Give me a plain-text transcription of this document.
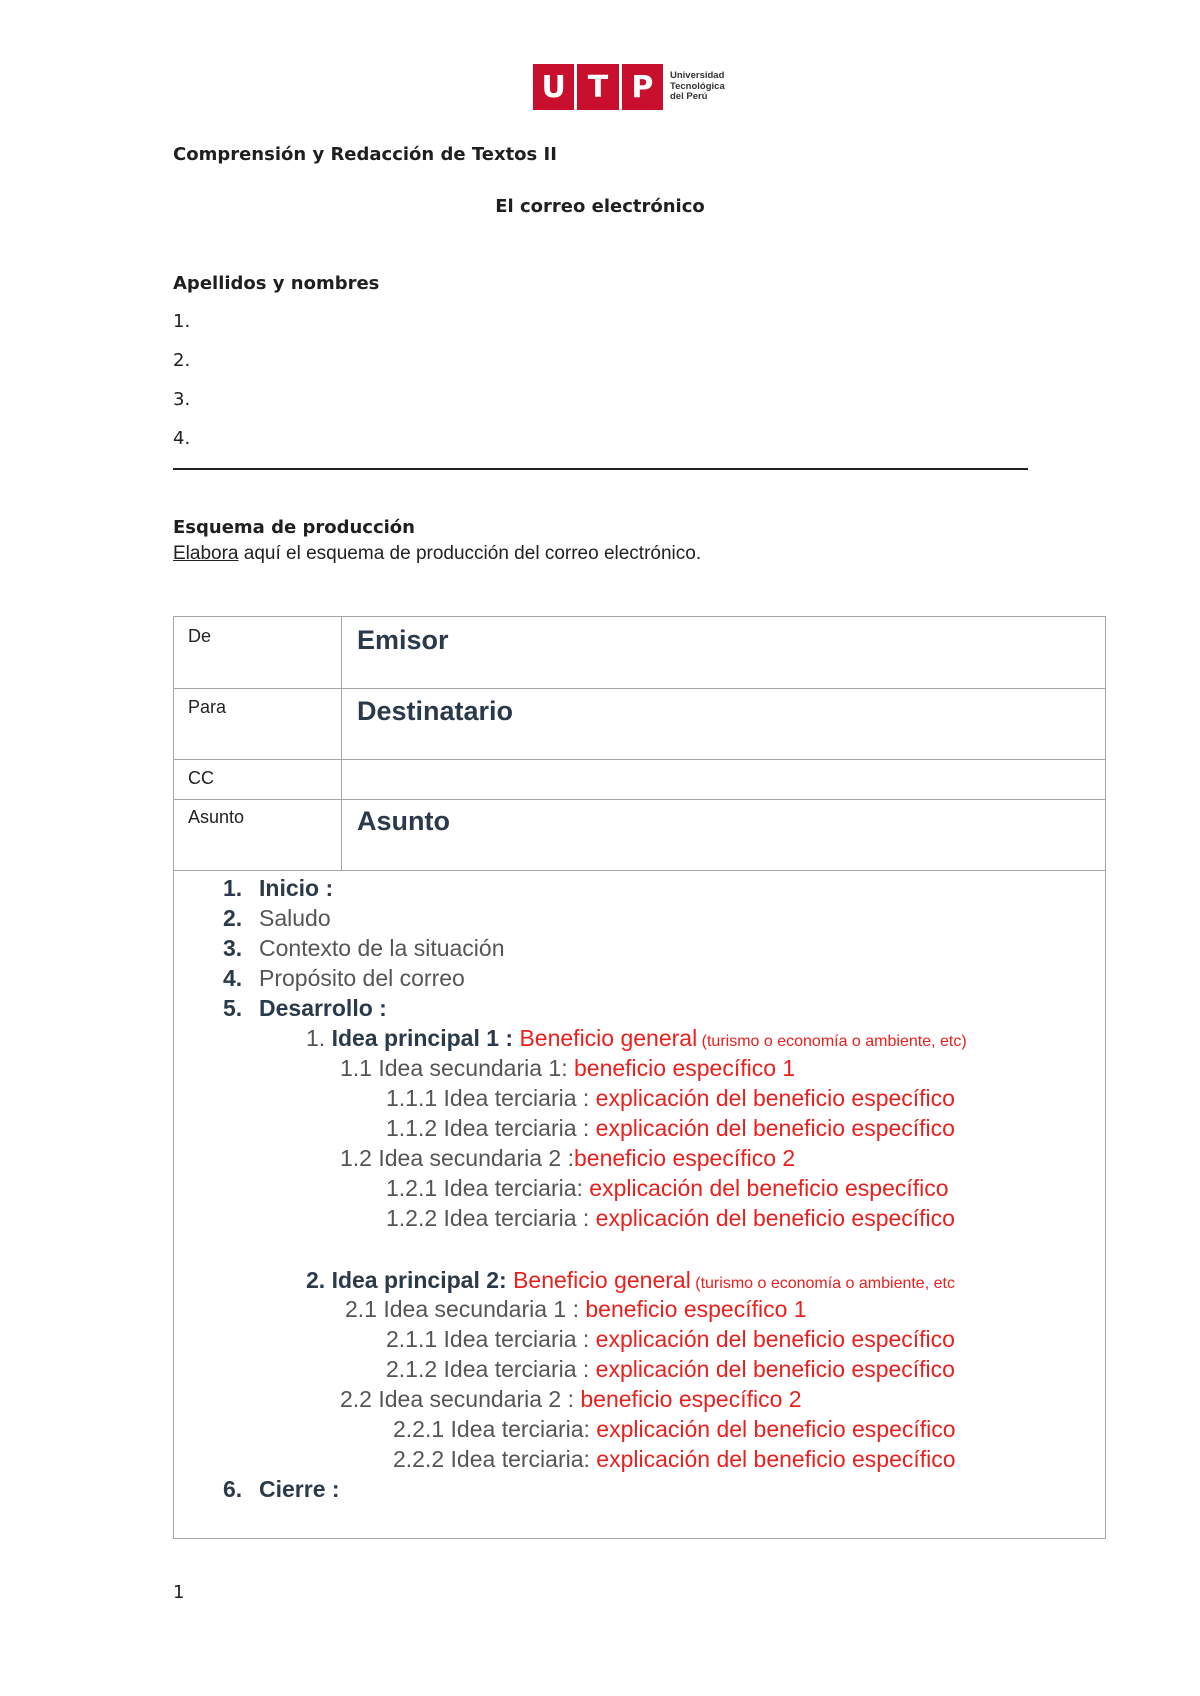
U T P	Universidad
Tecnológica
del Perú
Comprensión y Redacción de Textos II
El correo electrónico
Apellidos y nombres
1.
2.
3.
4.
Esquema de producción
Elabora aquí el esquema de producción del correo electrónico.
De	Emisor
Para	Destinatario
CC
Asunto	Asunto
1. Inicio :
2. Saludo
3. Contexto de la situación
4. Propósito del correo
5. Desarrollo :
1. Idea principal 1 : Beneficio general (turismo o economía o ambiente, etc)
1.1 Idea secundaria 1: beneficio específico 1
1.1.1 Idea terciaria : explicación del beneficio específico
1.1.2 Idea terciaria : explicación del beneficio específico
1.2 Idea secundaria 2 :beneficio específico 2
1.2.1 Idea terciaria: explicación del beneficio específico
1.2.2 Idea terciaria : explicación del beneficio específico
2. Idea principal 2: Beneficio general (turismo o economía o ambiente, etc
2.1 Idea secundaria 1 : beneficio específico 1
2.1.1 Idea terciaria : explicación del beneficio específico
2.1.2 Idea terciaria : explicación del beneficio específico
2.2 Idea secundaria 2 : beneficio específico 2
2.2.1 Idea terciaria: explicación del beneficio específico
2.2.2 Idea terciaria: explicación del beneficio específico
6. Cierre :
1
